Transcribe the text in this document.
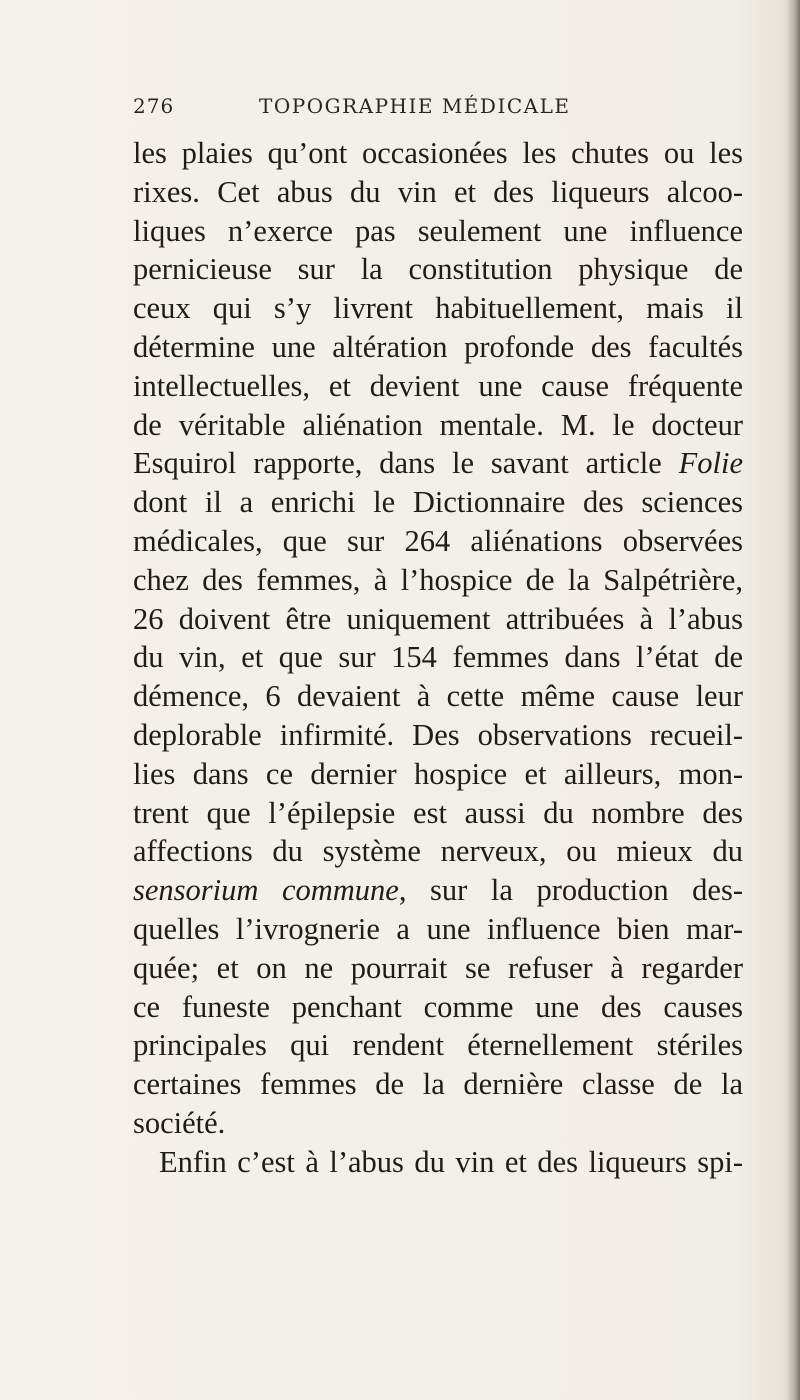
276	TOPOGRAPHIE MÉDICALE
les plaies qu’ont occasionées les chutes ou les
rixes. Cet abus du vin et des liqueurs alcoo-
liques n’exerce pas seulement une influence
pernicieuse sur la constitution physique de
ceux qui s’y livrent habituellement, mais il
détermine une altération profonde des facultés
intellectuelles, et devient une cause fréquente
de véritable aliénation mentale. M. le docteur
Esquirol rapporte, dans le savant article Folie
dont il a enrichi le Dictionnaire des sciences
médicales, que sur 264 aliénations observées
chez des femmes, à l’hospice de la Salpétrière,
26 doivent être uniquement attribuées à l’abus
du vin, et que sur 154 femmes dans l’état de
démence, 6 devaient à cette même cause leur
deplorable infirmité. Des observations recueil-
lies dans ce dernier hospice et ailleurs, mon-
trent que l’épilepsie est aussi du nombre des
affections du système nerveux, ou mieux du
sensorium commune, sur la production des-
quelles l’ivrognerie a une influence bien mar-
quée; et on ne pourrait se refuser à regarder
ce funeste penchant comme une des causes
principales qui rendent éternellement stériles
certaines femmes de la dernière classe de la
société.
Enfin c’est à l’abus du vin et des liqueurs spi-
